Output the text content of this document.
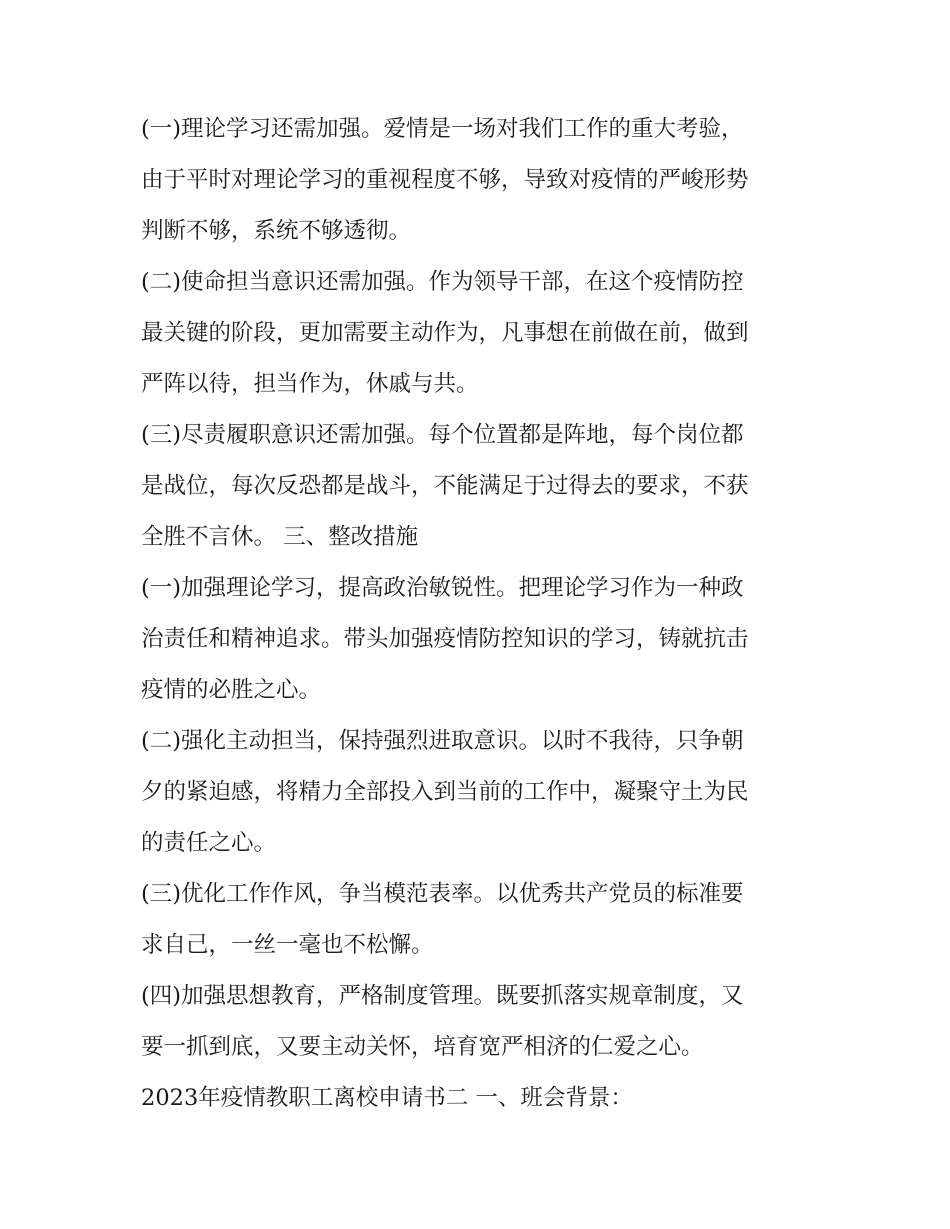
(一)理论学习还需加强。爱情是一场对我们工作的重大考验，
由于平时对理论学习的重视程度不够，导致对疫情的严峻形势
判断不够，系统不够透彻。
(二)使命担当意识还需加强。作为领导干部，在这个疫情防控
最关键的阶段，更加需要主动作为，凡事想在前做在前，做到
严阵以待，担当作为，休戚与共。
(三)尽责履职意识还需加强。每个位置都是阵地，每个岗位都
是战位，每次反恐都是战斗，不能满足于过得去的要求，不获
全胜不言休。 三、整改措施
(一)加强理论学习，提高政治敏锐性。把理论学习作为一种政
治责任和精神追求。带头加强疫情防控知识的学习，铸就抗击
疫情的必胜之心。
(二)强化主动担当，保持强烈进取意识。以时不我待，只争朝
夕的紧迫感，将精力全部投入到当前的工作中，凝聚守土为民
的责任之心。
(三)优化工作作风，争当模范表率。以优秀共产党员的标准要
求自己，一丝一毫也不松懈。
(四)加强思想教育，严格制度管理。既要抓落实规章制度，又
要一抓到底，又要主动关怀，培育宽严相济的仁爱之心。
2023年疫情教职工离校申请书二 一、班会背景：
